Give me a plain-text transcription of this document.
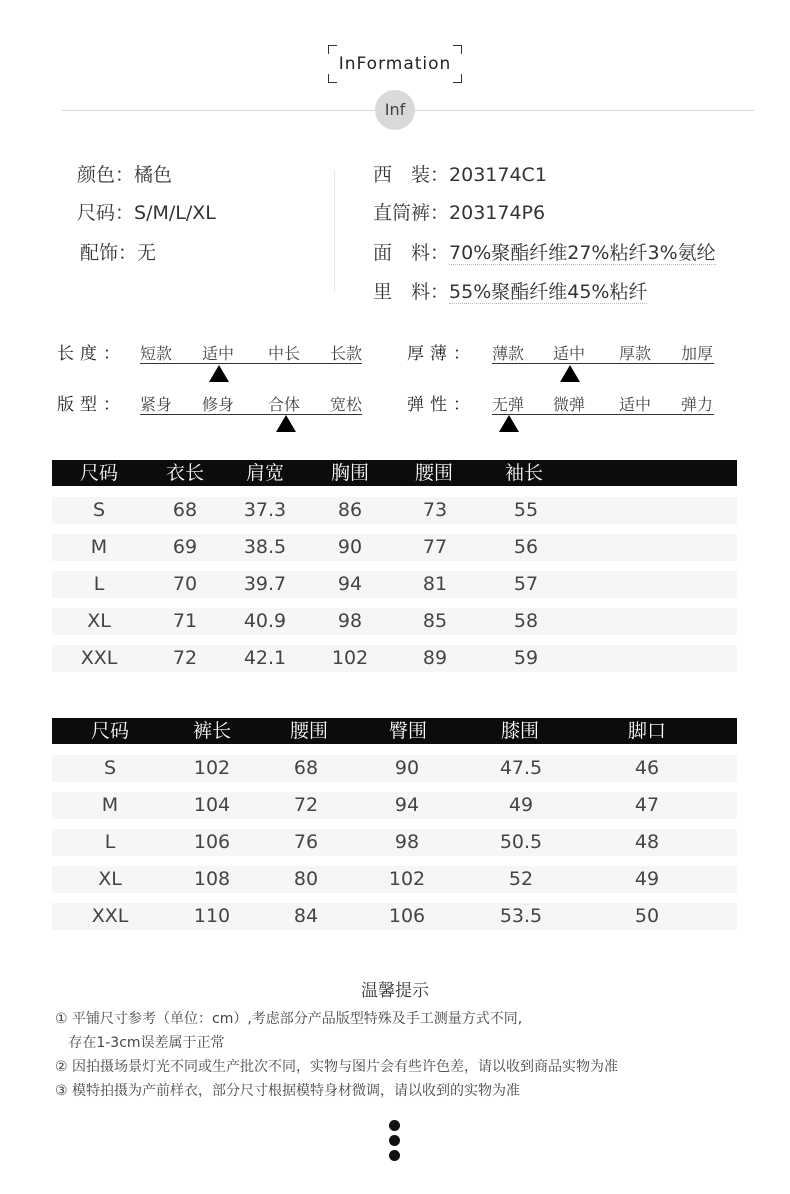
InFormation
Inf
颜色：橘色
尺码：S/M/L/XL
配饰：无
西　装：203174C1
直筒裤：203174P6
面　料：70%聚酯纤维27%粘纤3%氨纶
里　料：55%聚酯纤维45%粘纤
长度： 短款 适中 中长 长款	厚薄： 薄款 适中 厚款 加厚
版型： 紧身 修身 合体 宽松	弹性： 无弹 微弹 适中 弹力
尺码	衣长	肩宽	胸围	腰围	袖长
S	68	37.3	86	73	55
M	69	38.5	90	77	56
L	70	39.7	94	81	57
XL	71	40.9	98	85	58
XXL	72	42.1	102	89	59
尺码	裤长	腰围	臀围	膝围	脚口
S	102	68	90	47.5	46
M	104	72	94	49	47
L	106	76	98	50.5	48
XL	108	80	102	52	49
XXL	110	84	106	53.5	50
温馨提示
① 平铺尺寸参考（单位：cm）,考虑部分产品版型特殊及手工测量方式不同,
存在1-3cm误差属于正常
② 因拍摄场景灯光不同或生产批次不同，实物与图片会有些许色差，请以收到商品实物为准
③ 模特拍摄为产前样衣，部分尺寸根据模特身材微调，请以收到的实物为准
